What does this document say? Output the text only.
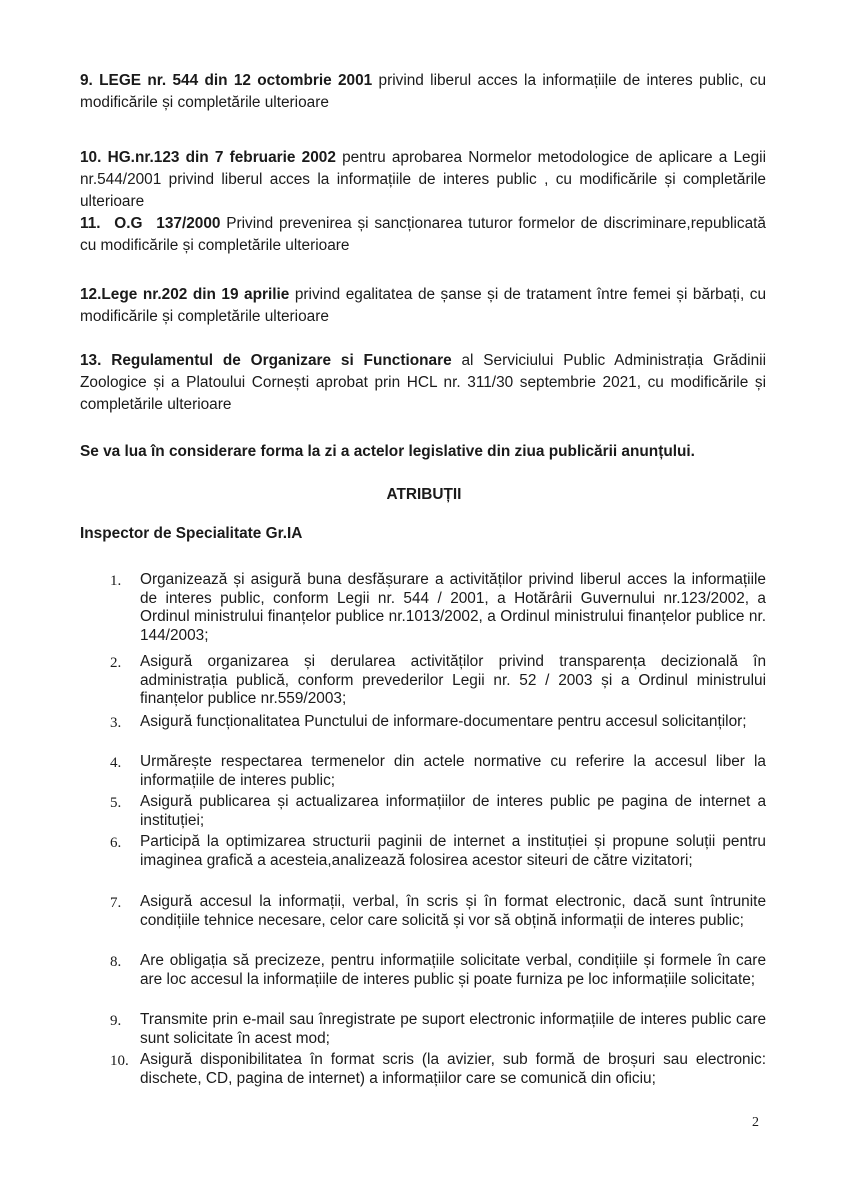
9. LEGE nr. 544 din 12 octombrie 2001 privind liberul acces la informațiile de interes public, cu modificările și completările ulterioare

10. HG.nr.123 din 7 februarie 2002 pentru aprobarea Normelor metodologice de aplicare a Legii nr.544/2001 privind liberul acces la informațiile de interes public , cu modificările și completările ulterioare

11. O.G 137/2000 Privind prevenirea și sancționarea tuturor formelor de discriminare,republicată cu modificările și completările ulterioare

12.Lege nr.202 din 19 aprilie privind egalitatea de șanse și de tratament între femei și bărbați, cu modificările și completările ulterioare

13. Regulamentul de Organizare si Functionare al Serviciului Public Administrația Grădinii Zoologice și a Platoului Cornești aprobat prin HCL nr. 311/30 septembrie 2021, cu modificările și completările ulterioare

Se va lua în considerare forma la zi a actelor legislative din ziua publicării anunțului.
ATRIBUȚII
Inspector de Specialitate Gr.IA
1.	Organizează și asigură buna desfășurare a activităților privind liberul acces la informațiile de interes public, conform Legii nr. 544 / 2001, a Hotărârii Guvernului nr.123/2002, a Ordinul ministrului finanțelor publice nr.1013/2002, a Ordinul ministrului finanțelor publice nr. 144/2003;
2.	Asigură organizarea și derularea activităților privind transparența decizională în administrația publică, conform prevederilor Legii nr. 52 / 2003 și a Ordinul ministrului finanțelor publice nr.559/2003;
3.	Asigură funcționalitatea Punctului de informare-documentare pentru accesul solicitanților;
4.	Urmărește respectarea termenelor din actele normative cu referire la accesul liber la informațiile de interes public;
5.	Asigură publicarea și actualizarea informațiilor de interes public pe pagina de internet a instituției;
6.	Participă la optimizarea structurii paginii de internet a instituției și propune soluții pentru imaginea grafică a acesteia,analizează folosirea acestor siteuri de către vizitatori;
7.	Asigură accesul la informații, verbal, în scris și în format electronic, dacă sunt întrunite condițiile tehnice necesare, celor care solicită și vor să obțină informații de interes public;
8.	Are obligația să precizeze, pentru informațiile solicitate verbal, condițiile și formele în care are loc accesul la informațiile de interes public și poate furniza pe loc informațiile solicitate;
9.	Transmite prin e-mail sau înregistrate pe suport electronic informațiile de interes public care sunt solicitate în acest mod;
10. Asigură disponibilitatea în format scris (la avizier, sub formă de broșuri sau electronic: dischete, CD, pagina de internet) a informațiilor care se comunică din oficiu;
2
